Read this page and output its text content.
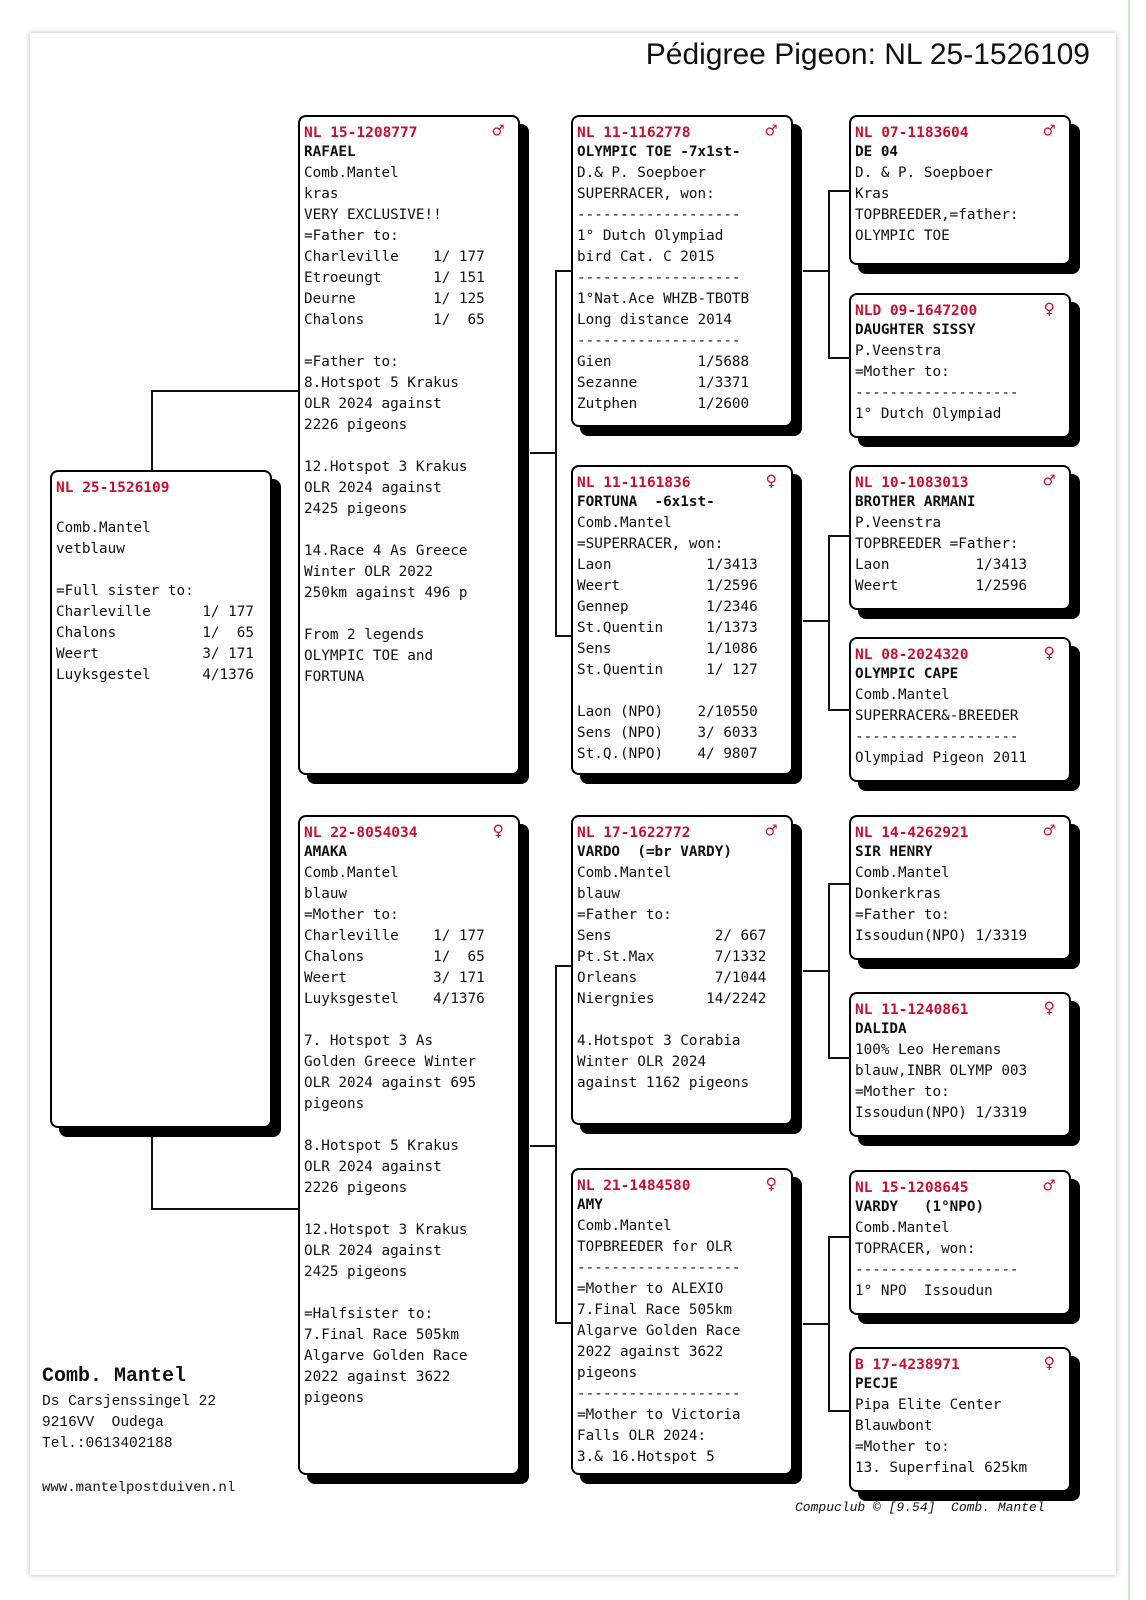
Pédigree Pigeon: NL 25-1526109
NL 25-1526109
Comb.Mantel
vetblauw
=Full sister to:
Charleville      1/ 177
Chalons          1/  65
Weert            3/ 171
Luyksgestel      4/1376
NL 15-1208777	♂
RAFAEL
Comb.Mantel
kras
VERY EXCLUSIVE!!
=Father to:
Charleville    1/ 177
Etroeungt      1/ 151
Deurne         1/ 125
Chalons        1/  65
=Father to:
8.Hotspot 5 Krakus
OLR 2024 against
2226 pigeons
12.Hotspot 3 Krakus
OLR 2024 against
2425 pigeons
14.Race 4 As Greece
Winter OLR 2022
250km against 496 p
From 2 legends
OLYMPIC TOE and
FORTUNA
NL 22-8054034	♀
AMAKA
Comb.Mantel
blauw
=Mother to:
Charleville    1/ 177
Chalons        1/  65
Weert          3/ 171
Luyksgestel    4/1376
7. Hotspot 3 As
Golden Greece Winter
OLR 2024 against 695
pigeons
8.Hotspot 5 Krakus
OLR 2024 against
2226 pigeons
12.Hotspot 3 Krakus
OLR 2024 against
2425 pigeons
=Halfsister to:
7.Final Race 505km
Algarve Golden Race
2022 against 3622
pigeons
NL 11-1162778	♂
OLYMPIC TOE -7x1st-
D.& P. Soepboer
SUPERRACER, won:
-------------------
1° Dutch Olympiad
bird Cat. C 2015
-------------------
1°Nat.Ace WHZB-TBOTB
Long distance 2014
-------------------
Gien          1/5688
Sezanne       1/3371
Zutphen       1/2600
NL 11-1161836	♀
FORTUNA  -6x1st-
Comb.Mantel
=SUPERRACER, won:
Laon           1/3413
Weert          1/2596
Gennep         1/2346
St.Quentin     1/1373
Sens           1/1086
St.Quentin     1/ 127
Laon (NPO)    2/10550
Sens (NPO)    3/ 6033
St.Q.(NPO)    4/ 9807
NL 17-1622772	♂
VARDO  (=br VARDY)
Comb.Mantel
blauw
=Father to:
Sens            2/ 667
Pt.St.Max       7/1332
Orleans         7/1044
Niergnies      14/2242
4.Hotspot 3 Corabia
Winter OLR 2024
against 1162 pigeons
NL 21-1484580	♀
AMY
Comb.Mantel
TOPBREEDER for OLR
-------------------
=Mother to ALEXIO
7.Final Race 505km
Algarve Golden Race
2022 against 3622
pigeons
-------------------
=Mother to Victoria
Falls OLR 2024:
3.& 16.Hotspot 5
NL 07-1183604	♂
DE 04
D. & P. Soepboer
Kras
TOPBREEDER,=father:
OLYMPIC TOE
NLD 09-1647200	♀
DAUGHTER SISSY
P.Veenstra
=Mother to:
-------------------
1° Dutch Olympiad
NL 10-1083013	♂
BROTHER ARMANI
P.Veenstra
TOPBREEDER =Father:
Laon          1/3413
Weert         1/2596
NL 08-2024320	♀
OLYMPIC CAPE
Comb.Mantel
SUPERRACER&-BREEDER
-------------------
Olympiad Pigeon 2011
NL 14-4262921	♂
SIR HENRY
Comb.Mantel
Donkerkras
=Father to:
Issoudun(NPO) 1/3319
NL 11-1240861	♀
DALIDA
100% Leo Heremans
blauw,INBR OLYMP 003
=Mother to:
Issoudun(NPO) 1/3319
NL 15-1208645	♂
VARDY   (1°NPO)
Comb.Mantel
TOPRACER, won:
-------------------
1° NPO  Issoudun
B 17-4238971	♀
PECJE
Pipa Elite Center
Blauwbont
=Mother to:
13. Superfinal 625km
Comb. Mantel
Ds Carsjenssingel 22
9216VV  Oudega
Tel.:0613402188
www.mantelpostduiven.nl
Compuclub © [9.54]  Comb. Mantel
